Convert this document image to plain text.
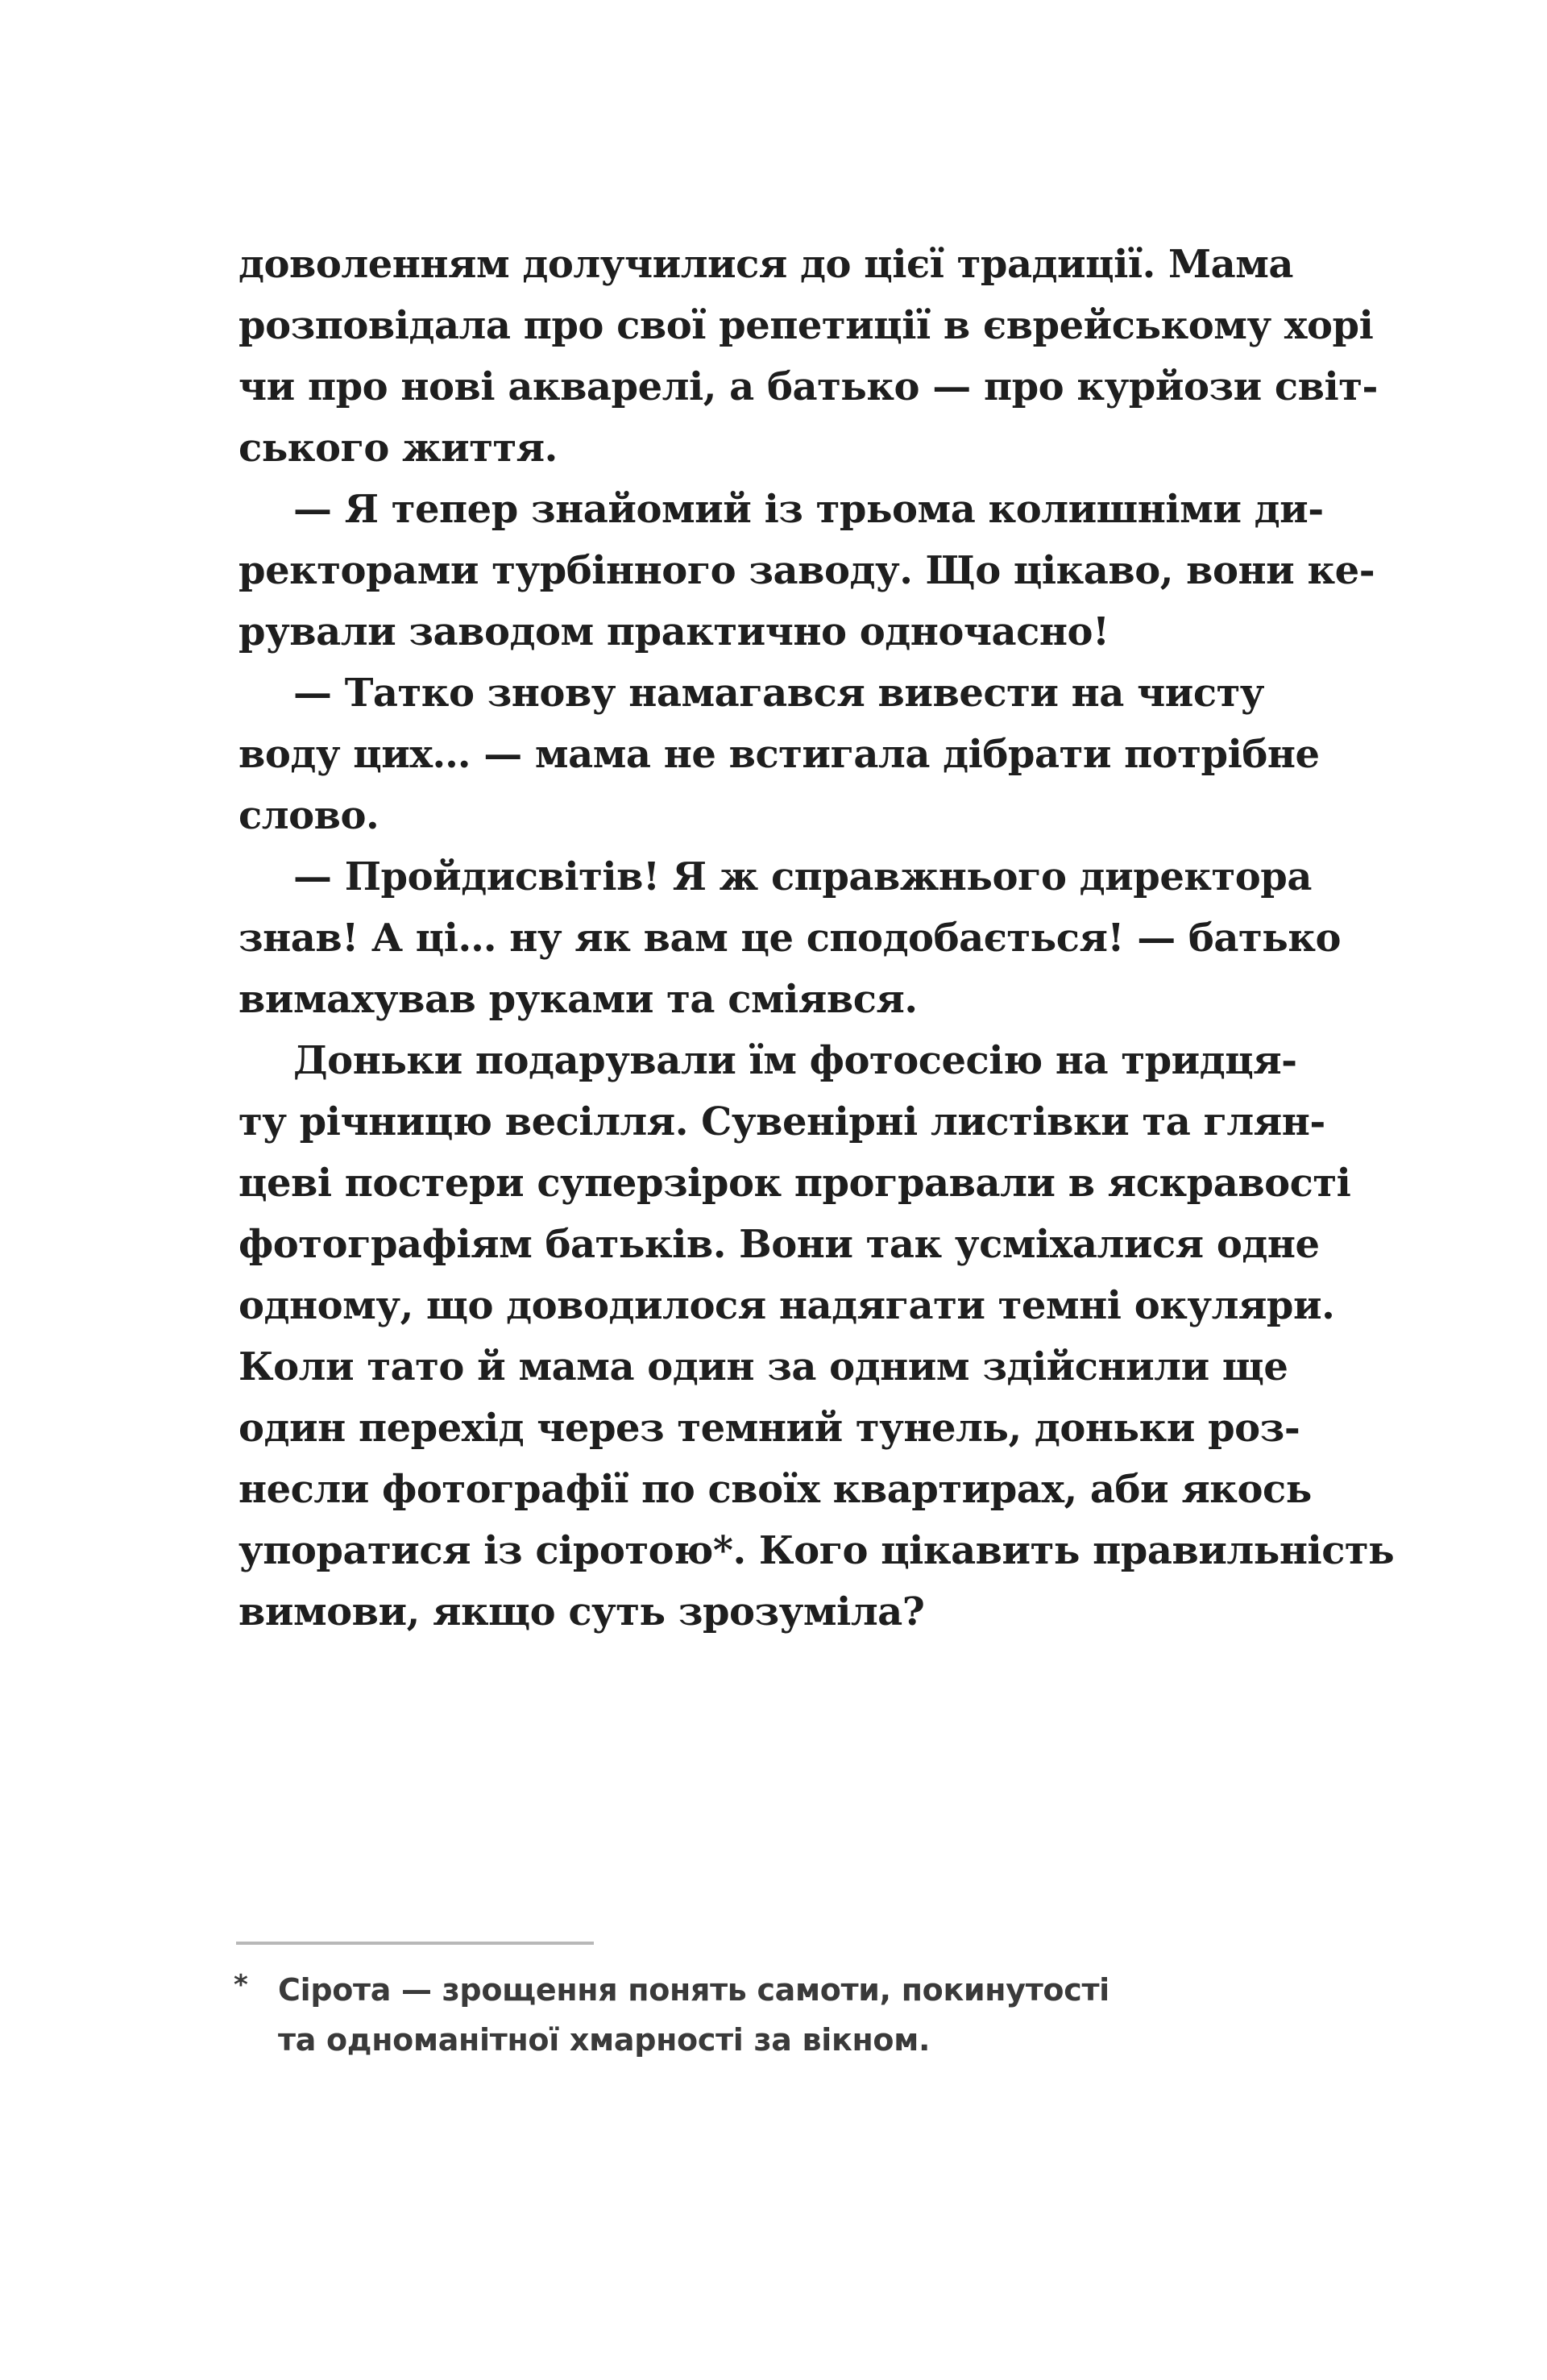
доволенням долучилися до цієї традиції. Мама
розповідала про свої репетиції в єврейському хорі
чи про нові акварелі, а батько — про курйози світ-
ського життя.
— Я тепер знайомий із трьома колишніми ди-
ректорами турбінного заводу. Що цікаво, вони ке-
рували заводом практично одночасно!
— Татко знову намагався вивести на чисту
воду цих… — мама не встигала дібрати потрібне
слово.
— Пройдисвітів! Я ж справжнього директора
знав! А ці… ну як вам це сподобається! — батько
вимахував руками та сміявся.
Доньки подарували їм фотосесію на тридця-
ту річницю весілля. Сувенірні листівки та глян-
цеві постери суперзірок програвали в яскравості
фотографіям батьків. Вони так усміхалися одне
одному, що доводилося надягати темні окуляри.
Коли тато й мама один за одним здійснили ще
один перехід через темний тунель, доньки роз-
несли фотографії по своїх квартирах, аби якось
упоратися із сіротою*. Кого цікавить правильність
вимови, якщо суть зрозуміла?
* Сірота — зрощення понять самоти, покинутості
та одноманітної хмарності за вікном.
